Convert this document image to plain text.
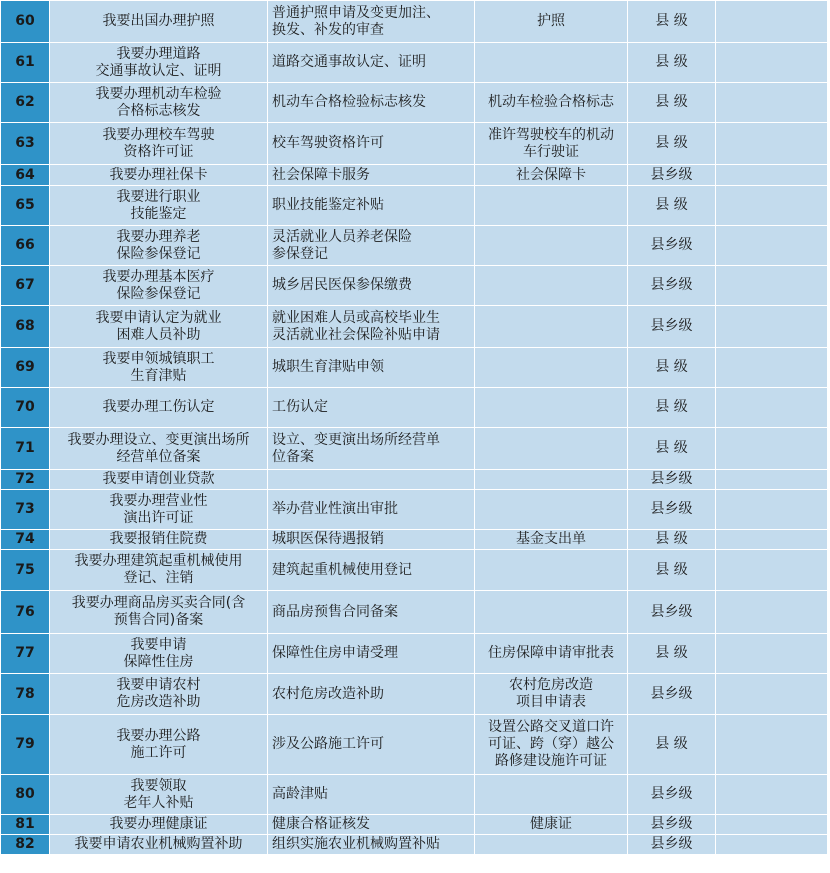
60	我要出国办理护照	普通护照申请及变更加注、
换发、补发的审查	护照	县 级	
61	我要办理道路
交通事故认定、证明	道路交通事故认定、证明		县 级	
62	我要办理机动车检验
合格标志核发	机动车合格检验标志核发	机动车检验合格标志	县 级	
63	我要办理校车驾驶
资格许可证	校车驾驶资格许可	准许驾驶校车的机动
车行驶证	县 级	
64	我要办理社保卡	社会保障卡服务	社会保障卡	县乡级	
65	我要进行职业
技能鉴定	职业技能鉴定补贴		县 级	
66	我要办理养老
保险参保登记	灵活就业人员养老保险
参保登记		县乡级	
67	我要办理基本医疗
保险参保登记	城乡居民医保参保缴费		县乡级	
68	我要申请认定为就业
困难人员补助	就业困难人员或高校毕业生
灵活就业社会保险补贴申请		县乡级	
69	我要申领城镇职工
生育津贴	城职生育津贴申领		县 级	
70	我要办理工伤认定	工伤认定		县 级	
71	我要办理设立、变更演出场所
经营单位备案	设立、变更演出场所经营单
位备案		县 级	
72	我要申请创业贷款			县乡级	
73	我要办理营业性
演出许可证	举办营业性演出审批		县乡级	
74	我要报销住院费	城职医保待遇报销	基金支出单	县 级	
75	我要办理建筑起重机械使用
登记、注销	建筑起重机械使用登记		县 级	
76	我要办理商品房买卖合同(含
预售合同)备案	商品房预售合同备案		县乡级	
77	我要申请
保障性住房	保障性住房申请受理	住房保障申请审批表	县 级	
78	我要申请农村
危房改造补助	农村危房改造补助	农村危房改造
项目申请表	县乡级	
79	我要办理公路
施工许可	涉及公路施工许可	设置公路交叉道口许
可证、跨（穿）越公
路修建设施许可证	县 级	
80	我要领取
老年人补贴	高龄津贴		县乡级	
81	我要办理健康证	健康合格证核发	健康证	县乡级	
82	我要申请农业机械购置补助	组织实施农业机械购置补贴		县乡级	
